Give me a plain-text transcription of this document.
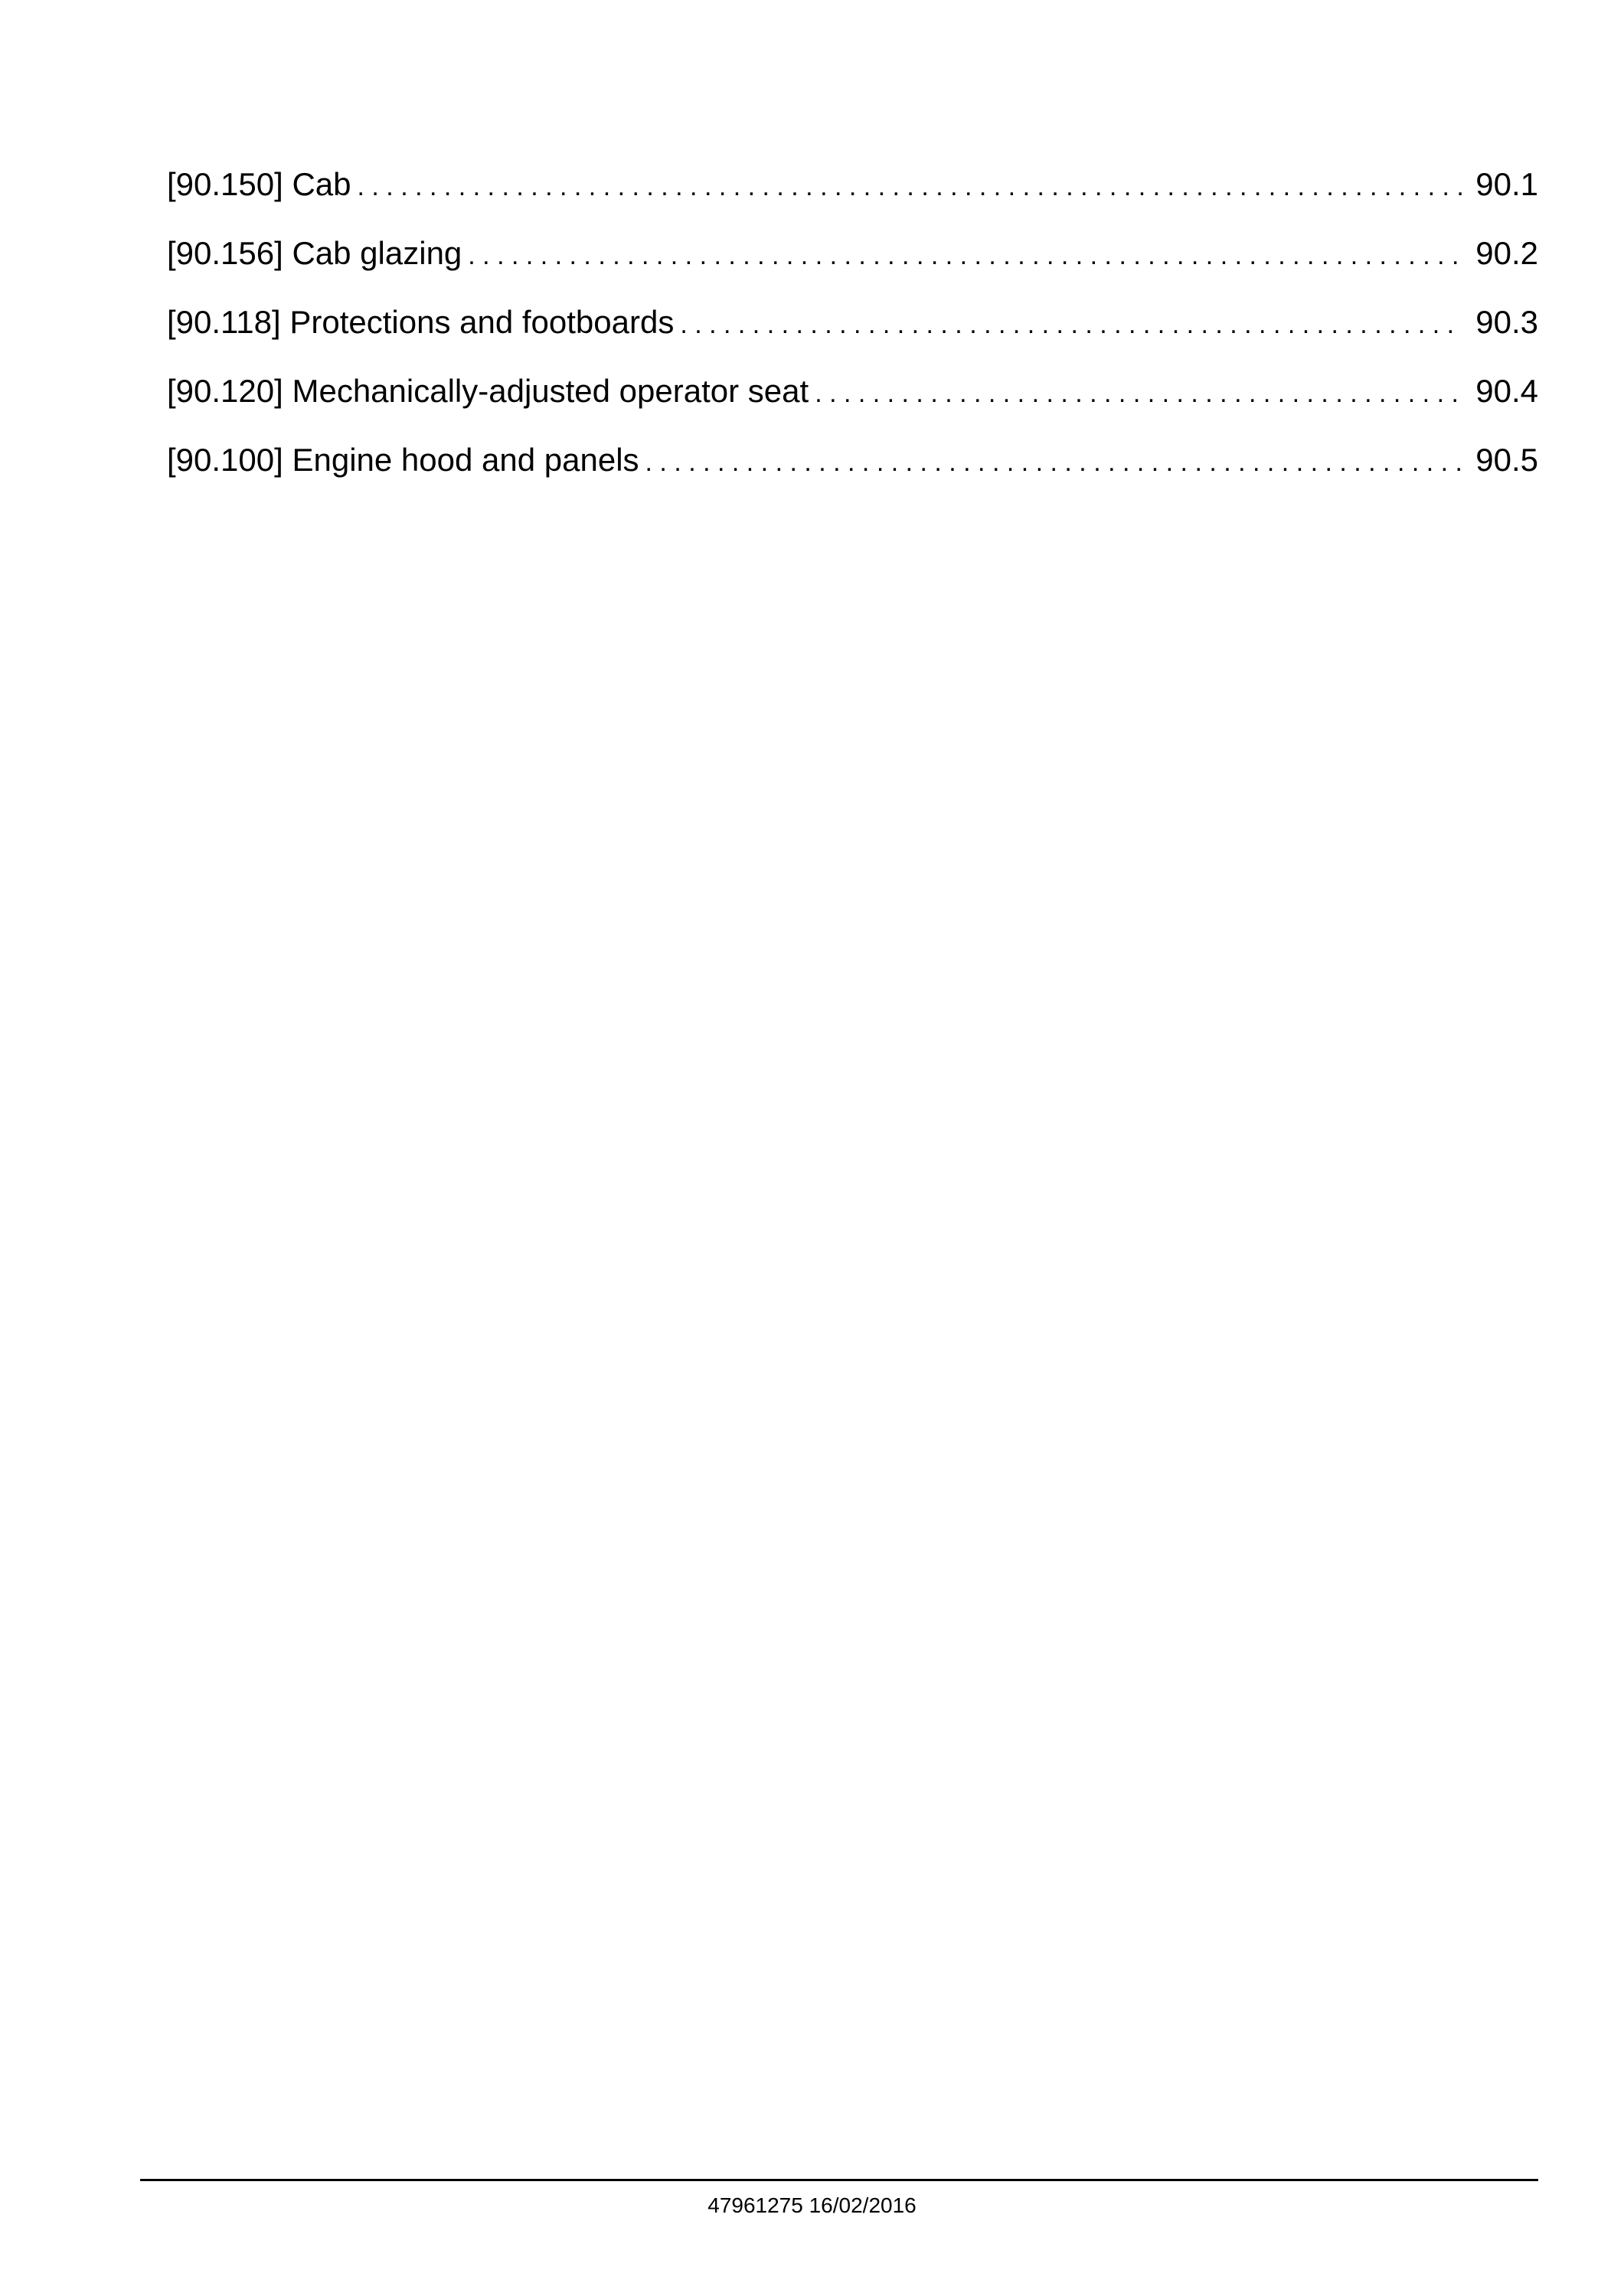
[90.150] Cab . . .	90.1
[90.156] Cab glazing . . .	90.2
[90.118] Protections and footboards . . .	90.3
[90.120] Mechanically-adjusted operator seat . . .	90.4
[90.100] Engine hood and panels . . .	90.5
47961275 16/02/2016
